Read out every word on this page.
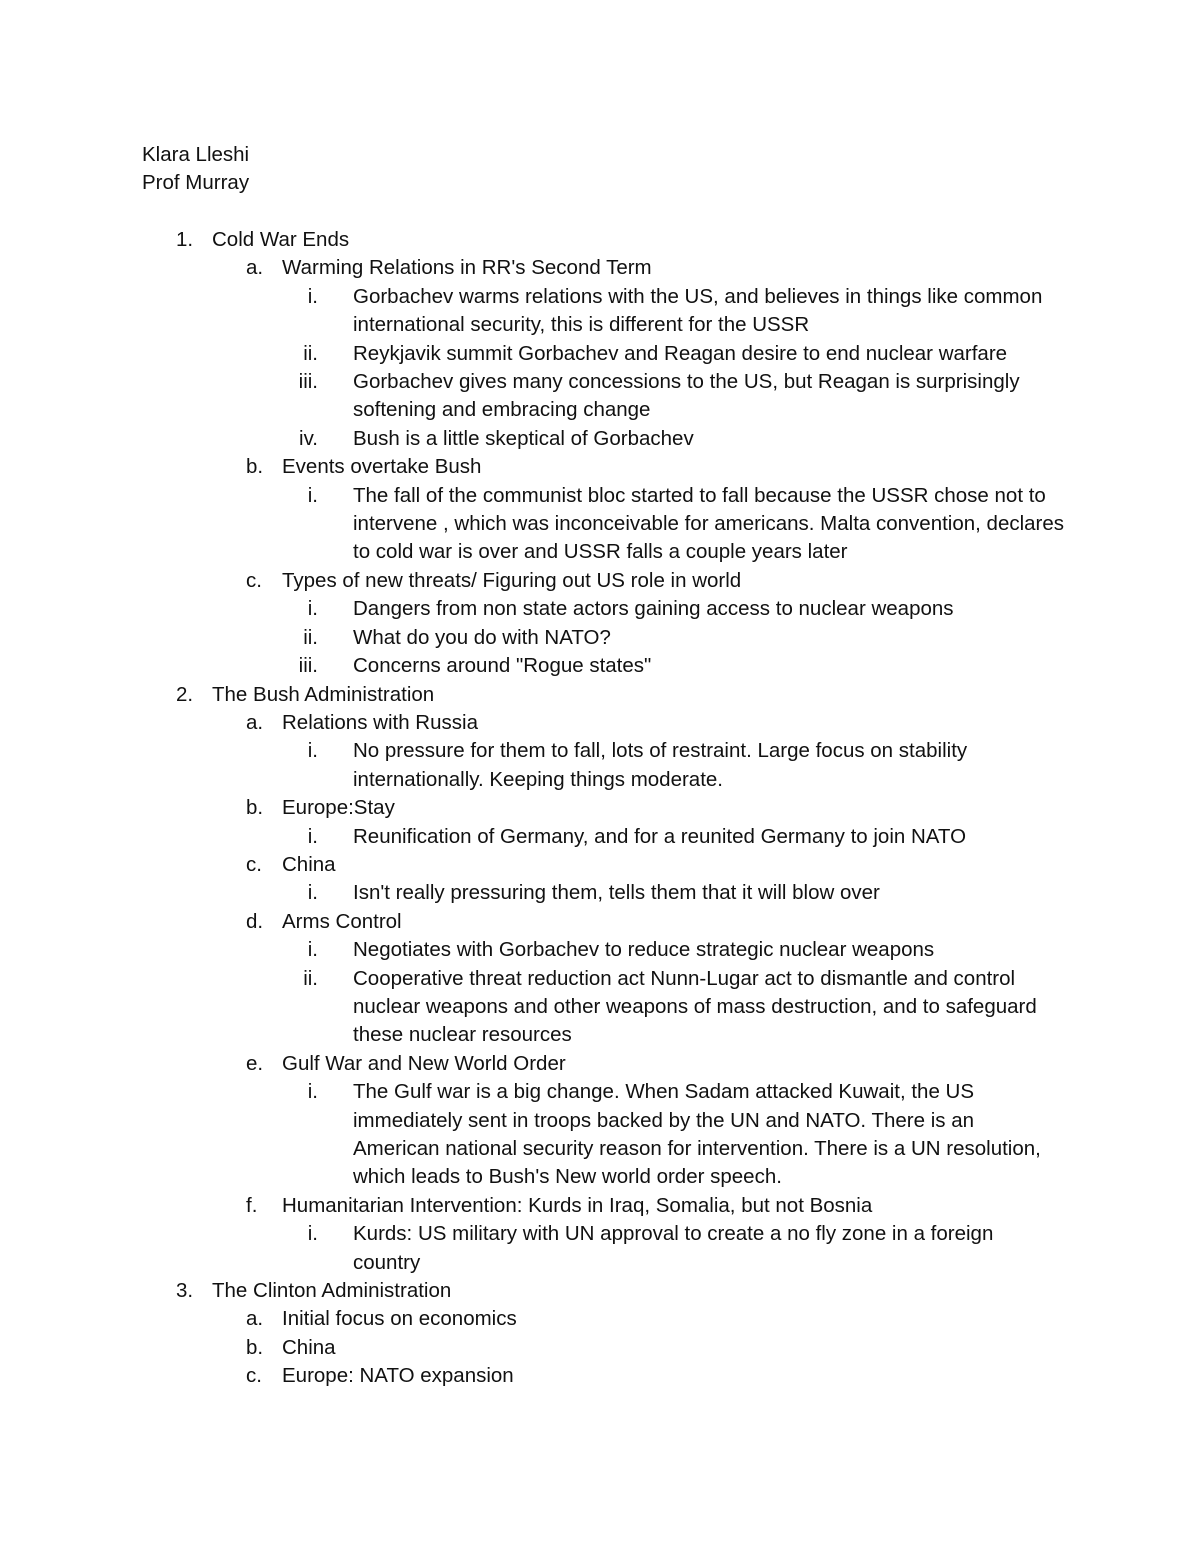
Klara Lleshi
Prof Murray
1. Cold War Ends
a. Warming Relations in RR's Second Term
i. Gorbachev warms relations with the US, and believes in things like common international security, this is different for the USSR
ii. Reykjavik summit Gorbachev and Reagan desire to end nuclear warfare
iii. Gorbachev gives many concessions to the US, but Reagan is surprisingly softening and embracing change
iv. Bush is a little skeptical of Gorbachev
b. Events overtake Bush
i. The fall of the communist bloc started to fall because the USSR chose not to intervene , which was inconceivable for americans. Malta convention, declares to cold war is over and USSR falls a couple years later
c. Types of new threats/ Figuring out US role in world
i. Dangers from non state actors gaining access to nuclear weapons
ii. What do you do with NATO?
iii. Concerns around "Rogue states"
2. The Bush Administration
a. Relations with Russia
i. No pressure for them to fall, lots of restraint. Large focus on stability internationally. Keeping things moderate.
b. Europe:Stay
i. Reunification of Germany, and for a reunited Germany to join NATO
c. China
i. Isn't really pressuring them, tells them that it will blow over
d. Arms Control
i. Negotiates with Gorbachev to reduce strategic nuclear weapons
ii. Cooperative threat reduction act Nunn-Lugar act to dismantle and control nuclear weapons and other weapons of mass destruction, and to safeguard these nuclear resources
e. Gulf War and New World Order
i. The Gulf war is a big change. When Sadam attacked Kuwait, the US immediately sent in troops backed by the UN and NATO. There is an American national security reason for intervention. There is a UN resolution, which leads to Bush's New world order speech.
f. Humanitarian Intervention: Kurds in Iraq, Somalia, but not Bosnia
i. Kurds: US military with UN approval to create a no fly zone in a foreign country
3. The Clinton Administration
a. Initial focus on economics
b. China
c. Europe: NATO expansion
